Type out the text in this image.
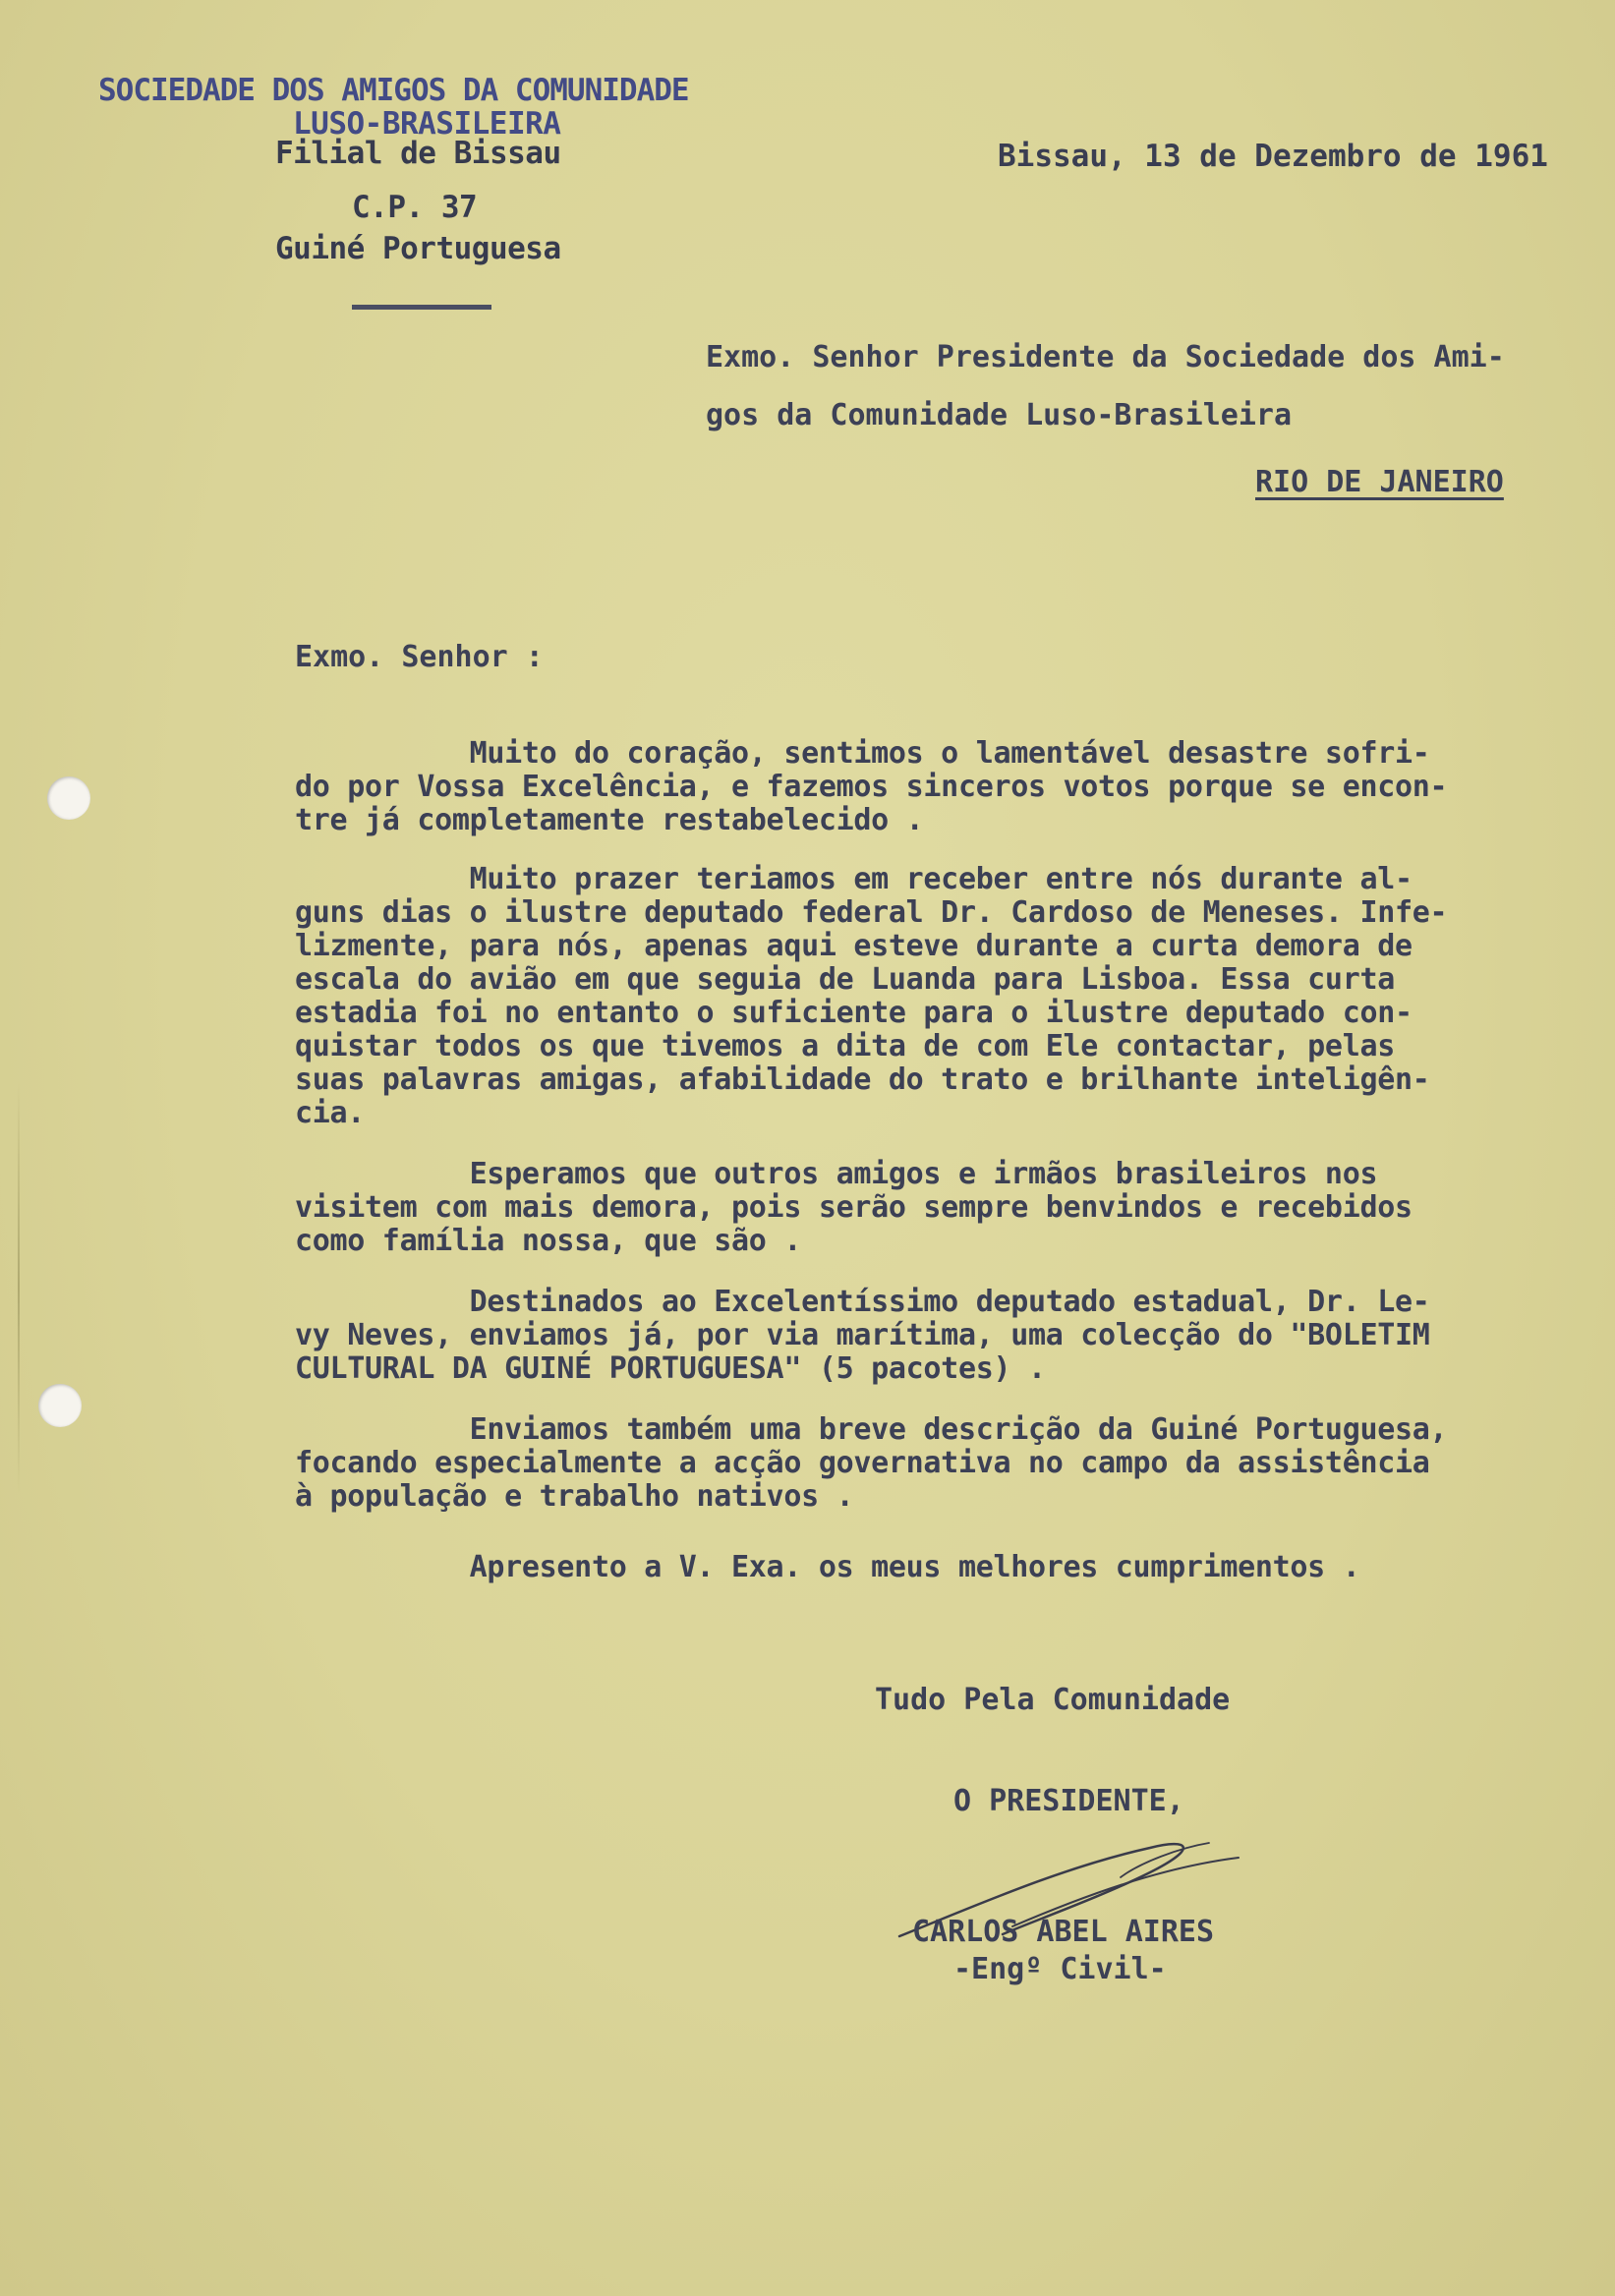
SOCIEDADE DOS AMIGOS DA COMUNIDADE
LUSO-BRASILEIRA
Filial de Bissau
C.P. 37
Guiné Portuguesa
Bissau, 13 de Dezembro de 1961
Exmo. Senhor Presidente da Sociedade dos Ami-
gos da Comunidade Luso-Brasileira
RIO DE JANEIRO
Exmo. Senhor :
Muito do coração, sentimos o lamentável desastre sofri-
do por Vossa Excelência, e fazemos sinceros votos porque se encon-
tre já completamente restabelecido .
Muito prazer teriamos em receber entre nós durante al-
guns dias o ilustre deputado federal Dr. Cardoso de Meneses. Infe-
lizmente, para nós, apenas aqui esteve durante a curta demora de
escala do avião em que seguia de Luanda para Lisboa. Essa curta
estadia foi no entanto o suficiente para o ilustre deputado con-
quistar todos os que tivemos a dita de com Ele contactar, pelas
suas palavras amigas, afabilidade do trato e brilhante inteligên-
cia.
Esperamos que outros amigos e irmãos brasileiros nos
visitem com mais demora, pois serão sempre benvindos e recebidos
como família nossa, que são .
Destinados ao Excelentíssimo deputado estadual, Dr. Le-
vy Neves, enviamos já, por via marítima, uma colecção do "BOLETIM
CULTURAL DA GUINÉ PORTUGUESA" (5 pacotes) .
Enviamos também uma breve descrição da Guiné Portuguesa,
focando especialmente a acção governativa no campo da assistência
à população e trabalho nativos .
Apresento a V. Exa. os meus melhores cumprimentos .
Tudo Pela Comunidade
O PRESIDENTE,
CARLOS ABEL AIRES
-Engº Civil-
